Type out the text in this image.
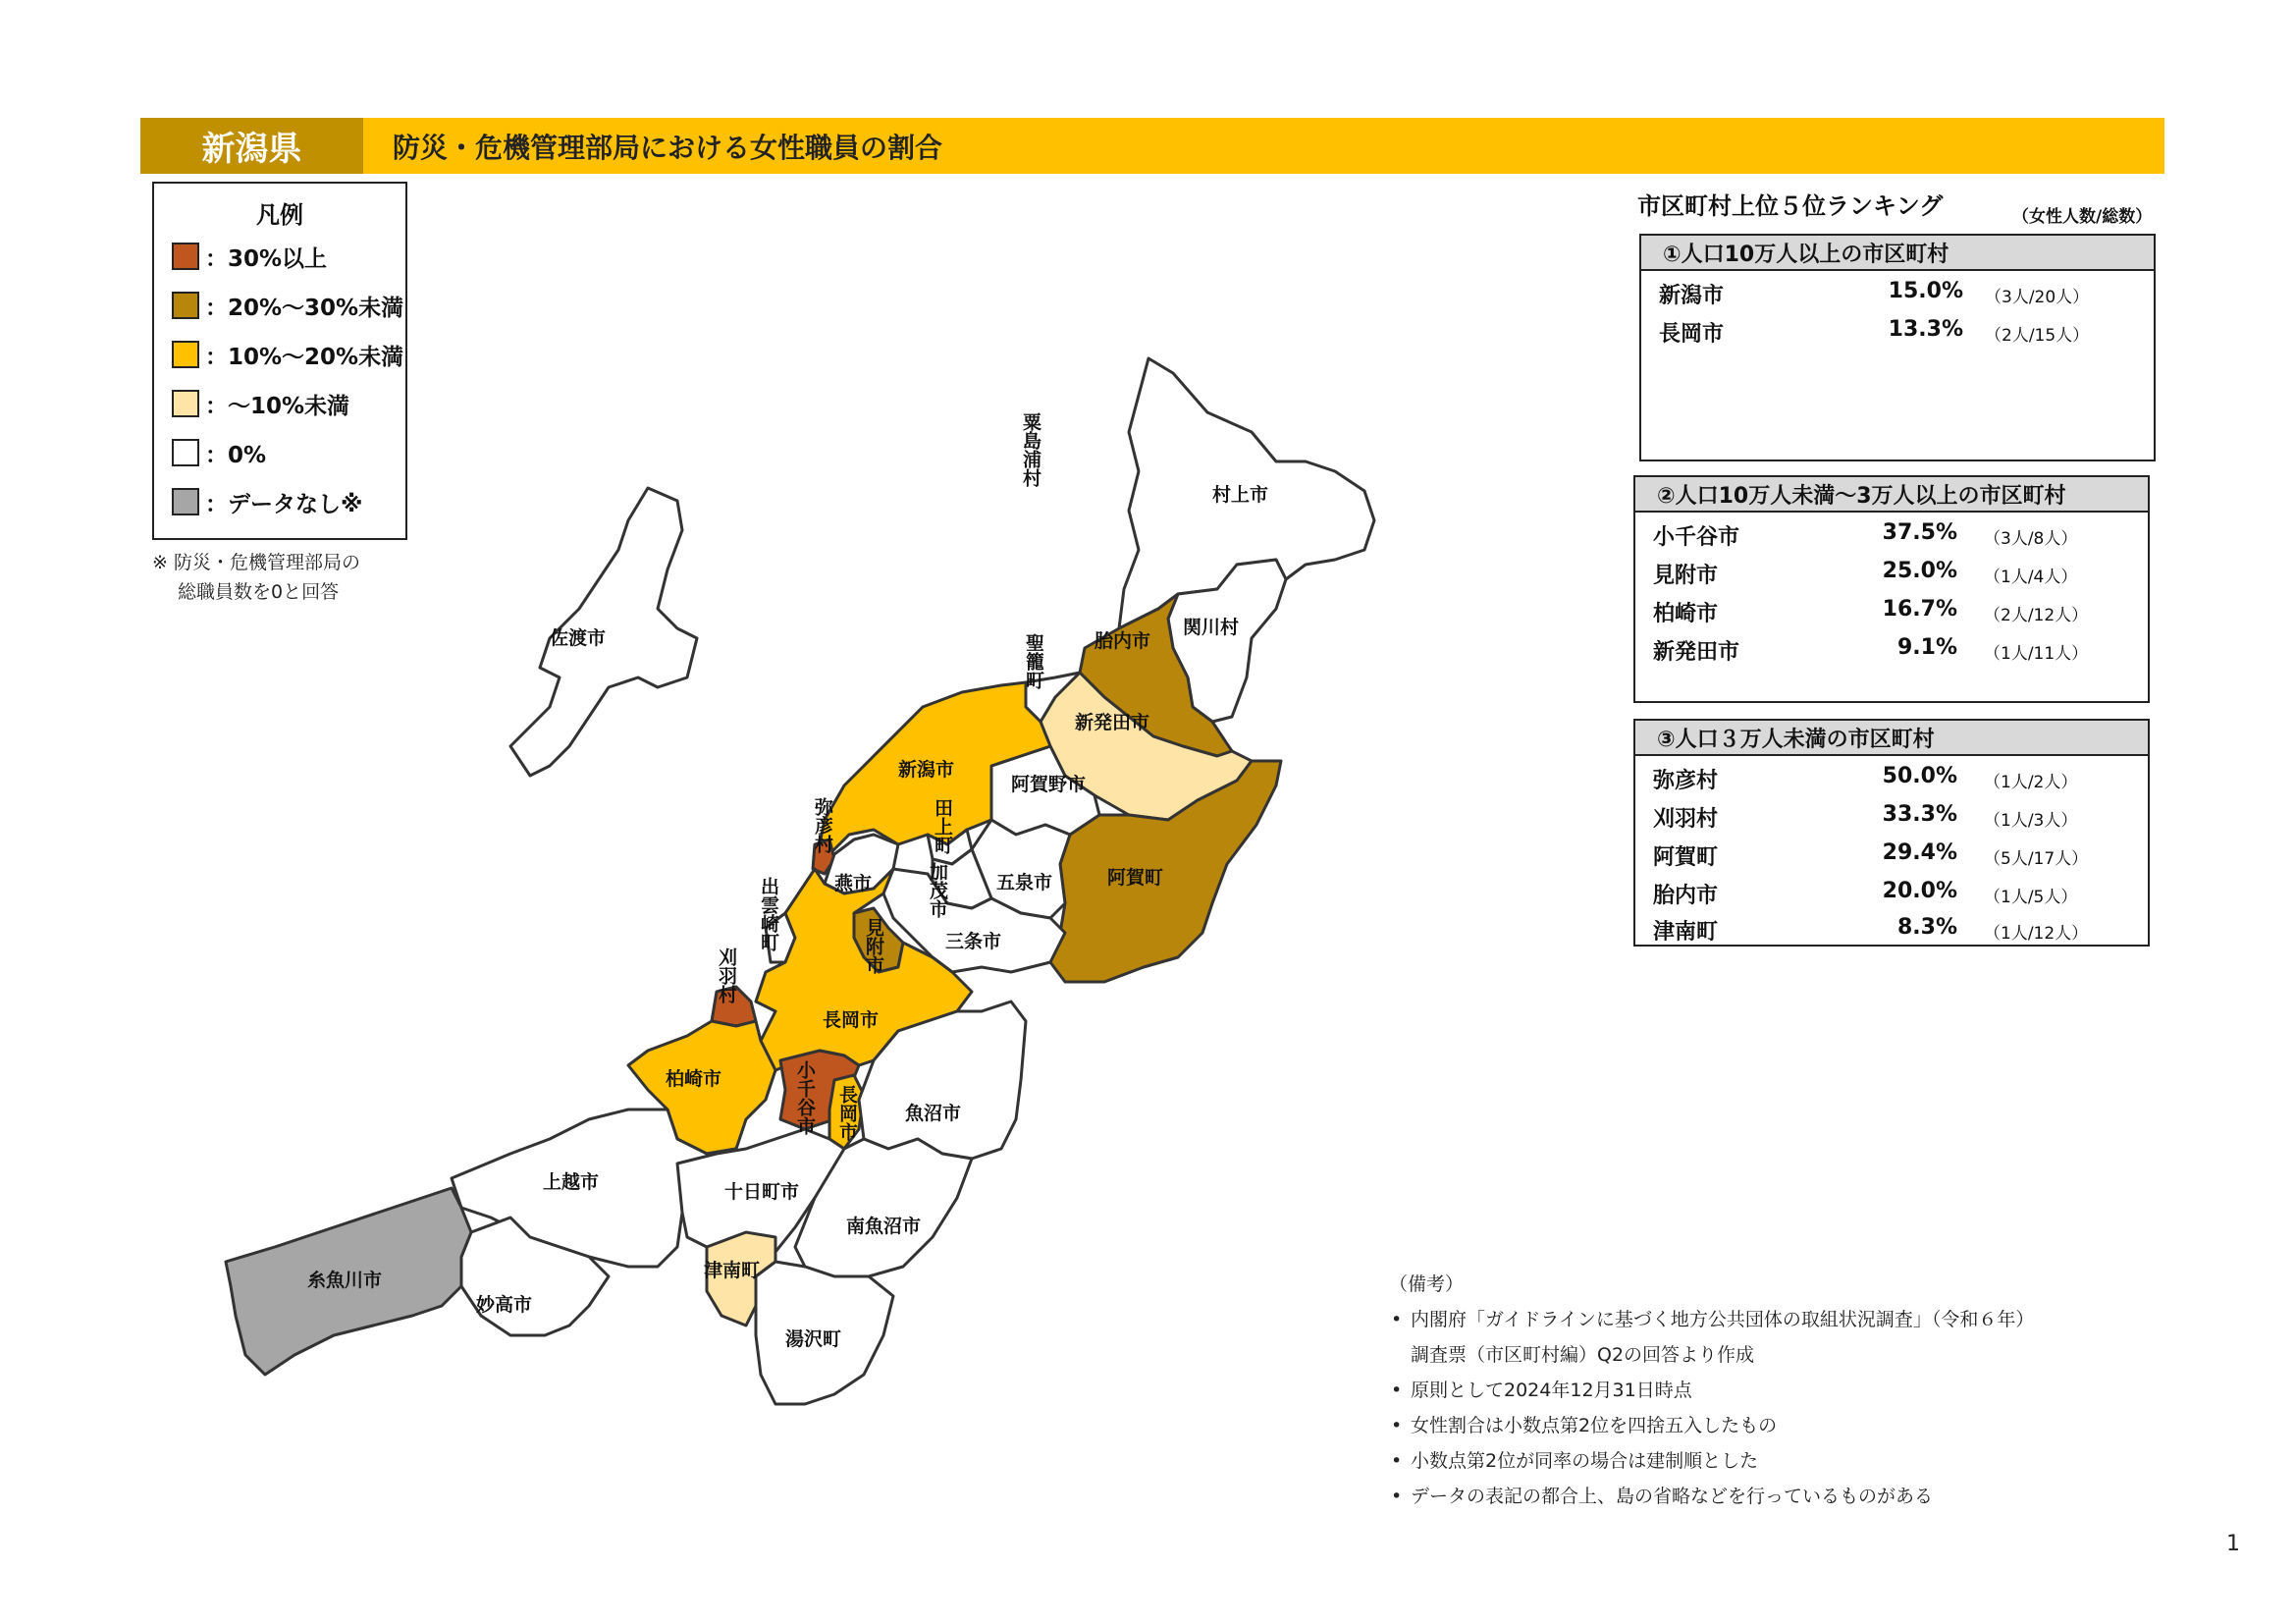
新潟県	防災・危機管理部局における女性職員の割合
凡例
：30%以上
：20%～30%未満
：10%～20%未満
：～10%未満
：0%
：データなし※
※ 防災・危機管理部局の
総職員数を0と回答
佐渡市
粟島浦村
村上市
関川村
胎内市
聖籠町
新発田市
新潟市
阿賀野市
阿賀町
弥彦村	田上町
燕市	加茂市	五泉市
出雲崎町	見附市	三条市
刈羽村
長岡市
柏崎市	小千谷市 長岡市	魚沼市
上越市	十日町市
南魚沼市
糸魚川市
妙高市
津南町
湯沢町
市区町村上位５位ランキング	（女性人数/総数）
①人口10万人以上の市区町村
新潟市	15.0% （3人/20人）
長岡市	13.3% （2人/15人）
②人口10万人未満～3万人以上の市区町村
小千谷市	37.5% （3人/8人）
見附市	25.0% （1人/4人）
柏崎市	16.7% （2人/12人）
新発田市	9.1% （1人/11人）
③人口３万人未満の市区町村
弥彦村	50.0% （1人/2人）
刈羽村	33.3% （1人/3人）
阿賀町	29.4% （5人/17人）
胎内市	20.0% （1人/5人）
津南町	8.3% （1人/12人）
（備考）
• 内閣府「ガイドラインに基づく地方公共団体の取組状況調査」（令和６年）
調査票（市区町村編）Q2の回答より作成
• 原則として2024年12月31日時点
• 女性割合は小数点第2位を四捨五入したもの
• 小数点第2位が同率の場合は建制順とした
• データの表記の都合上、島の省略などを行っているものがある
1
